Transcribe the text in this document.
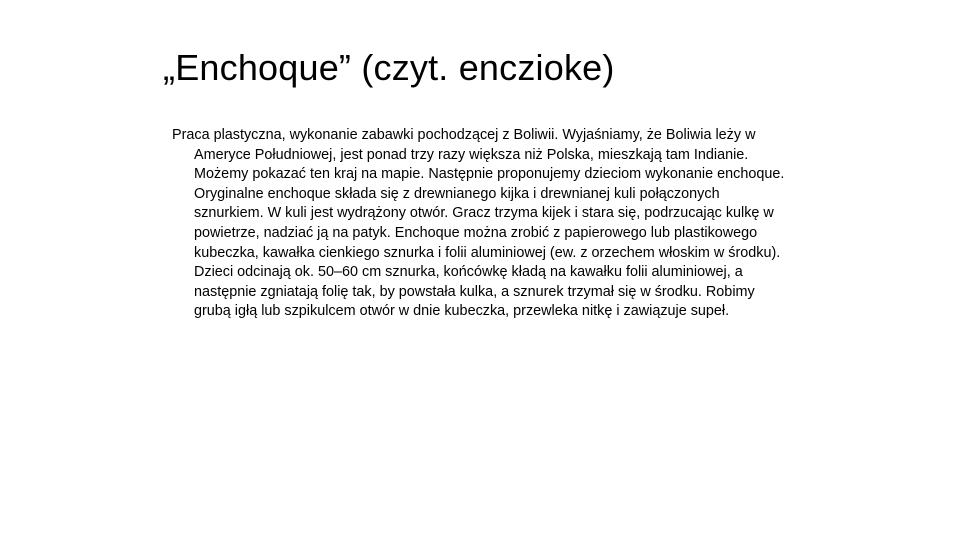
„Enchoque” (czyt. enczioke)

Praca plastyczna, wykonanie zabawki pochodzącej z Boliwii. Wyjaśniamy, że Boliwia leży w Ameryce Południowej, jest ponad trzy razy większa niż Polska, mieszkają tam Indianie. Możemy pokazać ten kraj na mapie. Następnie proponujemy dzieciom wykonanie enchoque. Oryginalne enchoque składa się z drewnianego kijka i drewnianej kuli połączonych sznurkiem. W kuli jest wydrążony otwór. Gracz trzyma kijek i stara się, podrzucając kulkę w powietrze, nadziać ją na patyk. Enchoque można zrobić z papierowego lub plastikowego kubeczka, kawałka cienkiego sznurka i folii aluminiowej (ew. z orzechem włoskim w środku). Dzieci odcinają ok. 50–60 cm sznurka, końcówkę kładą na kawałku folii aluminiowej, a następnie zgniatają folię tak, by powstała kulka, a sznurek trzymał się w środku. Robimy grubą igłą lub szpikulcem otwór w dnie kubeczka, przewleka nitkę i zawiązuje supeł.
